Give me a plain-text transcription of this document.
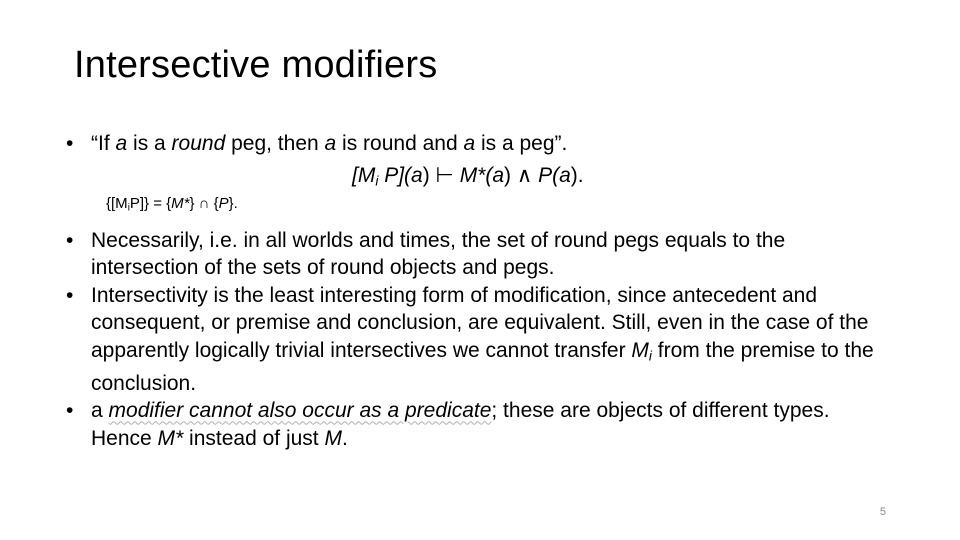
Intersective modifiers
• “If a is a round peg, then a is round and a is a peg”.
[$M_i$ P](a) ⊢ M*(a) ∧ P(a).
$\{[M_iP]\} = \{M*\}$ ∩ {P}.
• Necessarily, i.e. in all worlds and times, the set of round pegs equals to the intersection of the sets of round objects and pegs.
• Intersectivity is the least interesting form of modification, since antecedent and consequent, or premise and conclusion, are equivalent. Still, even in the case of the apparently logically trivial intersectives we cannot transfer $M_i$ from the premise to the conclusion.
• a modifier cannot also occur as a predicate; these are objects of different types. Hence M* instead of just M.
5
